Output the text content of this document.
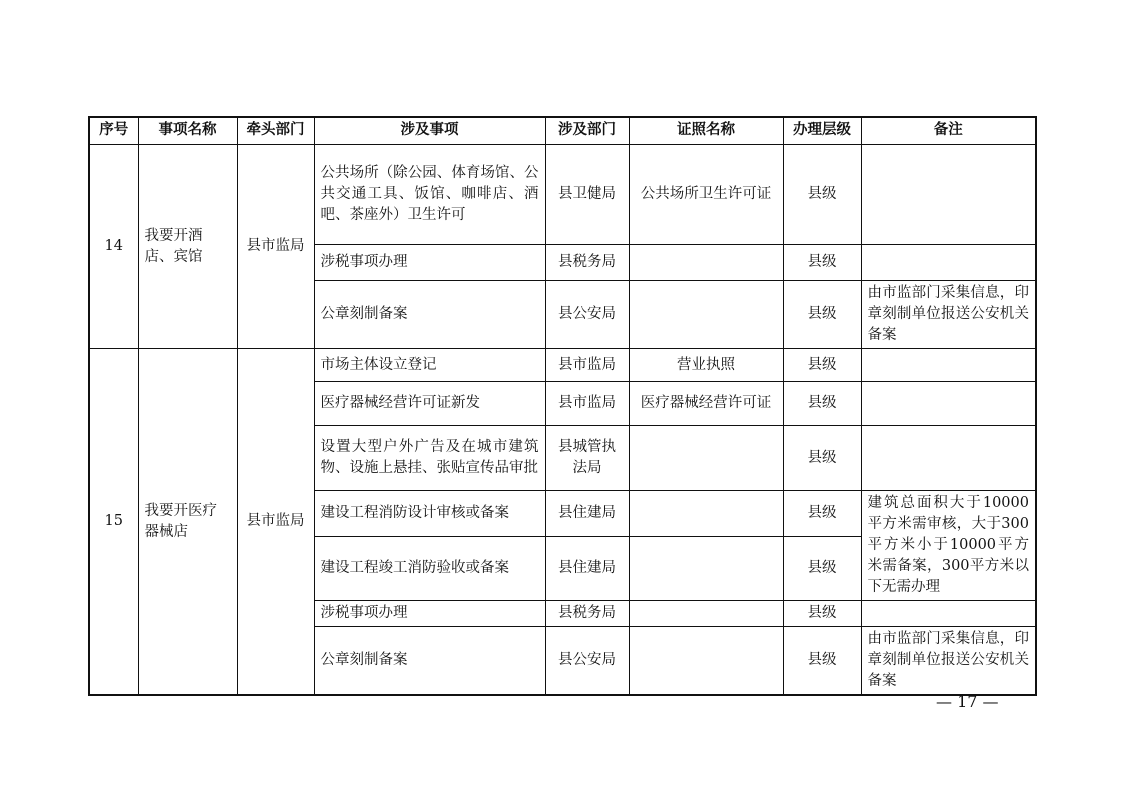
序号	事项名称	牵头部门	涉及事项	涉及部门	证照名称	办理层级	备注
14	我要开酒店、宾馆	县市监局	公共场所（除公园、体育场馆、公共交通工具、饭馆、咖啡店、酒吧、茶座外）卫生许可	县卫健局	公共场所卫生许可证	县级	
			涉税事项办理	县税务局		县级	
			公章刻制备案	县公安局		县级	由市监部门采集信息，印章刻制单位报送公安机关备案
15	我要开医疗器械店	县市监局	市场主体设立登记	县市监局	营业执照	县级	
			医疗器械经营许可证新发	县市监局	医疗器械经营许可证	县级	
			设置大型户外广告及在城市建筑物、设施上悬挂、张贴宣传品审批	县城管执法局		县级	
			建设工程消防设计审核或备案	县住建局		县级	建筑总面积大于10000平方米需审核，大于300平方米小于10000平方米需备案，300平方米以下无需办理
			建设工程竣工消防验收或备案	县住建局		县级	
			涉税事项办理	县税务局		县级	
			公章刻制备案	县公安局		县级	由市监部门采集信息，印章刻制单位报送公安机关备案
— 17 —
